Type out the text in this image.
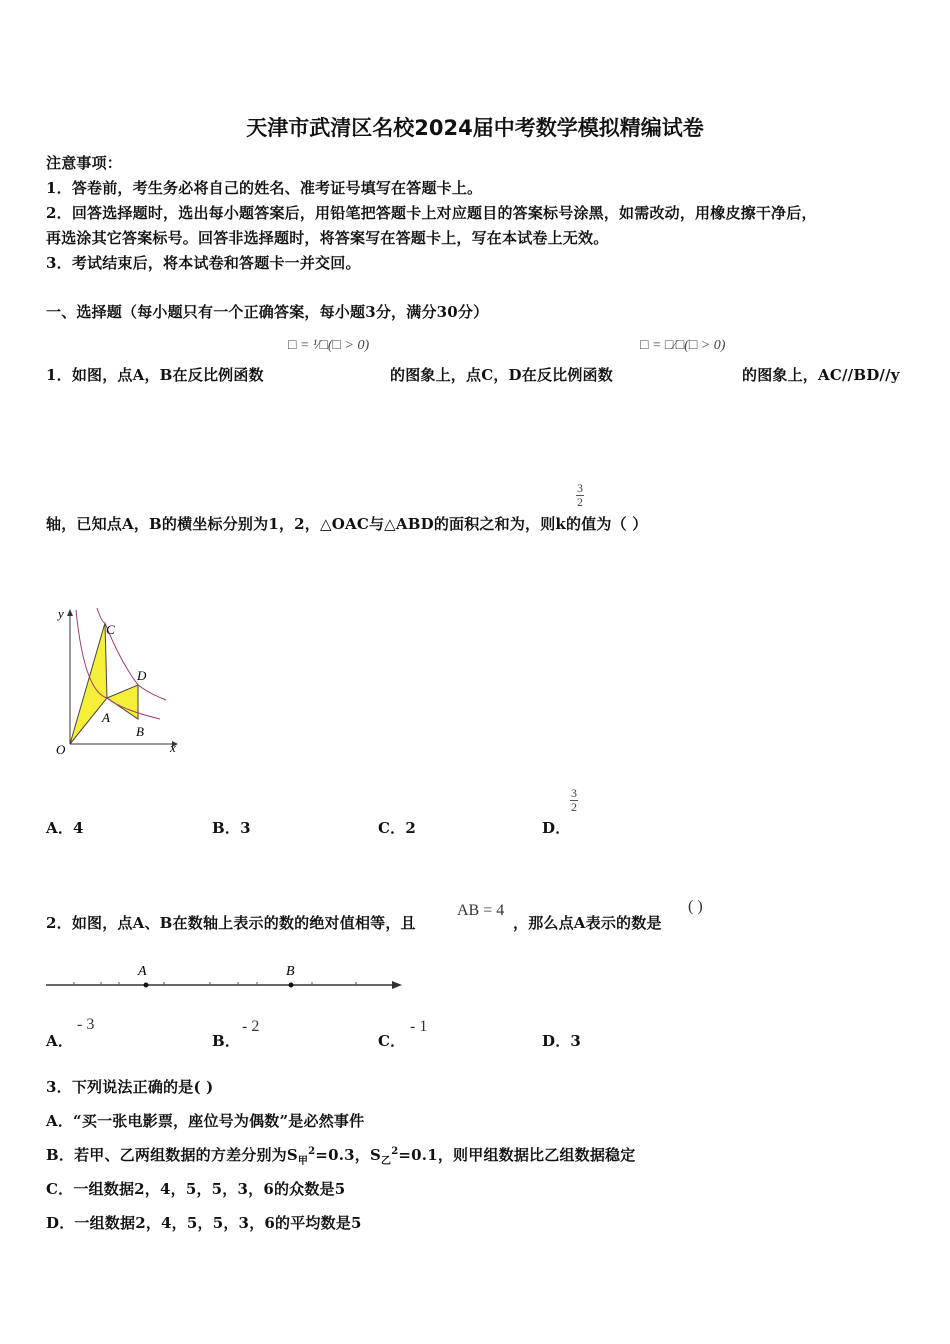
天津市武清区名校2024届中考数学模拟精编试卷
注意事项：
1．答卷前，考生务必将自己的姓名、准考证号填写在答题卡上。
2．回答选择题时，选出每小题答案后，用铅笔把答题卡上对应题目的答案标号涂黑，如需改动，用橡皮擦干净后，
再选涂其它答案标号。回答非选择题时，将答案写在答题卡上，写在本试卷上无效。
3．考试结束后，将本试卷和答题卡一并交回。
一、选择题（每小题只有一个正确答案，每小题3分，满分30分）
□ = ¹⁄□(□ > 0)	□ = □⁄□(□ > 0)
1．如图，点A，B在反比例函数	的图象上，点C，D在反比例函数	的图象上，AC//BD//y
3
2
轴，已知点A，B的横坐标分别为1，2，△OAC与△ABD的面积之和为，则k的值为（ ）
y
x
O
A
B
C
D
A．4	B．3	C．2	D．
3
2
2．如图，点A、B在数轴上表示的数的绝对值相等，且
AB = 4
，那么点A表示的数是
( )
A	B
A．
- 3
B．
- 2
C．
- 1
D．3
3．下列说法正确的是( )
A．“买一张电影票，座位号为偶数”是必然事件
B．若甲、乙两组数据的方差分别为$S_甲^2=0.3$，$S_乙^2=0.1$，则甲组数据比乙组数据稳定
C．一组数据2，4，5，5，3，6的众数是5
D．一组数据2，4，5，5，3，6的平均数是5
